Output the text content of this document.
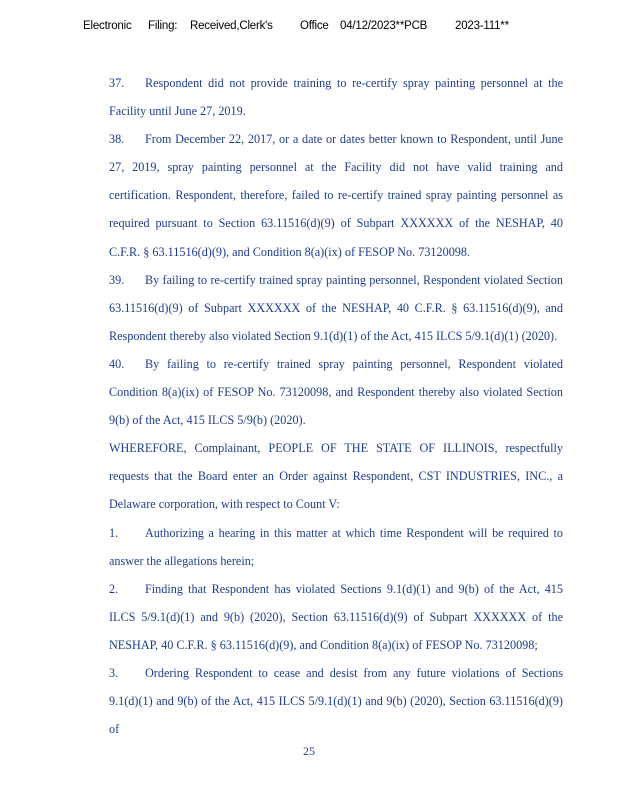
Electronic Filing: Received,Clerk's Office 04/12/2023**PCB 2023-111**

37. Respondent did not provide training to re-certify spray painting personnel at the Facility until June 27, 2019.

38. From December 22, 2017, or a date or dates better known to Respondent, until June 27, 2019, spray painting personnel at the Facility did not have valid training and certification. Respondent, therefore, failed to re-certify trained spray painting personnel as required pursuant to Section 63.11516(d)(9) of Subpart XXXXXX of the NESHAP, 40 C.F.R. § 63.11516(d)(9), and Condition 8(a)(ix) of FESOP No. 73120098.

39. By failing to re-certify trained spray painting personnel, Respondent violated Section 63.11516(d)(9) of Subpart XXXXXX of the NESHAP, 40 C.F.R. § 63.11516(d)(9), and Respondent thereby also violated Section 9.1(d)(1) of the Act, 415 ILCS 5/9.1(d)(1) (2020).

40. By failing to re-certify trained spray painting personnel, Respondent violated Condition 8(a)(ix) of FESOP No. 73120098, and Respondent thereby also violated Section 9(b) of the Act, 415 ILCS 5/9(b) (2020).

WHEREFORE, Complainant, PEOPLE OF THE STATE OF ILLINOIS, respectfully requests that the Board enter an Order against Respondent, CST INDUSTRIES, INC., a Delaware corporation, with respect to Count V:

1. Authorizing a hearing in this matter at which time Respondent will be required to answer the allegations herein;

2. Finding that Respondent has violated Sections 9.1(d)(1) and 9(b) of the Act, 415 ILCS 5/9.1(d)(1) and 9(b) (2020), Section 63.11516(d)(9) of Subpart XXXXXX of the NESHAP, 40 C.F.R. § 63.11516(d)(9), and Condition 8(a)(ix) of FESOP No. 73120098;

3. Ordering Respondent to cease and desist from any future violations of Sections 9.1(d)(1) and 9(b) of the Act, 415 ILCS 5/9.1(d)(1) and 9(b) (2020), Section 63.11516(d)(9) of

25
